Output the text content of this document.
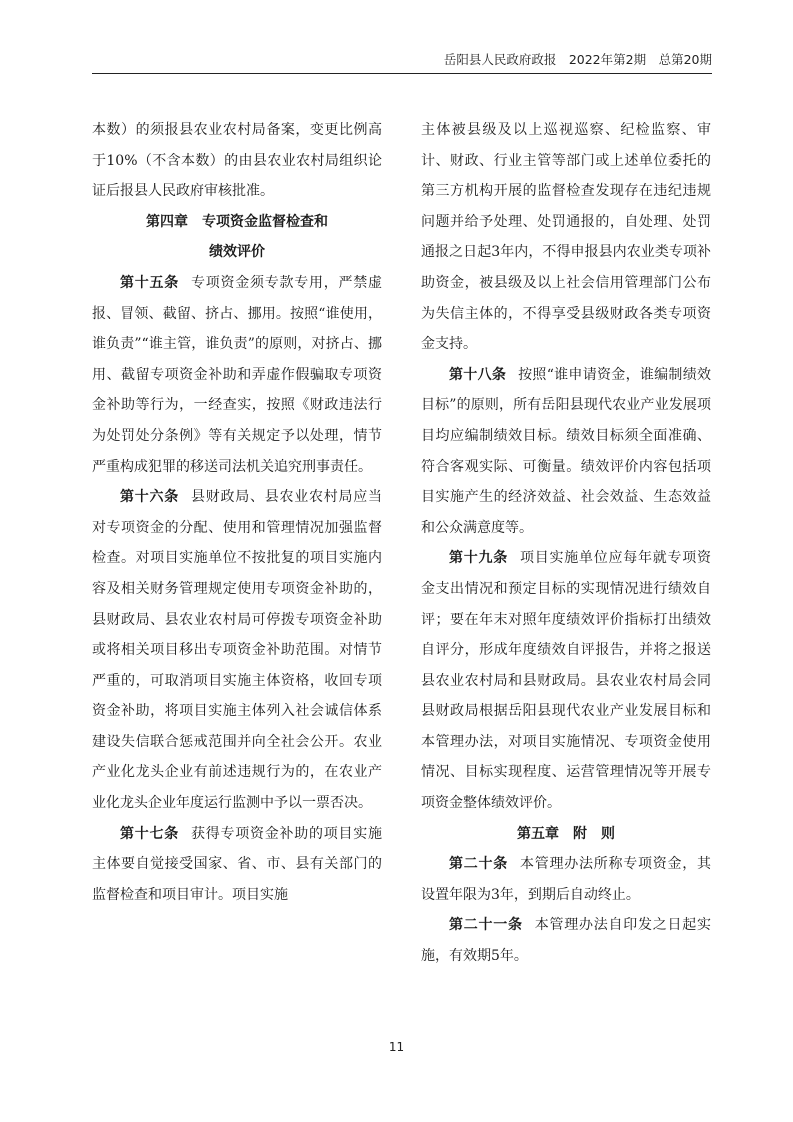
岳阳县人民政府政报　2022年第2期　总第20期

本数）的须报县农业农村局备案，变更比例高于10%（不含本数）的由县农业农村局组织论证后报县人民政府审核批准。

第四章　专项资金监督检查和

绩效评价

第十五条 专项资金须专款专用，严禁虚报、冒领、截留、挤占、挪用。按照“谁使用，谁负责”“谁主管，谁负责”的原则，对挤占、挪用、截留专项资金补助和弄虚作假骗取专项资金补助等行为，一经查实，按照《财政违法行为处罚处分条例》等有关规定予以处理，情节严重构成犯罪的移送司法机关追究刑事责任。

第十六条 县财政局、县农业农村局应当对专项资金的分配、使用和管理情况加强监督检查。对项目实施单位不按批复的项目实施内容及相关财务管理规定使用专项资金补助的，县财政局、县农业农村局可停拨专项资金补助或将相关项目移出专项资金补助范围。对情节严重的，可取消项目实施主体资格，收回专项资金补助，将项目实施主体列入社会诚信体系建设失信联合惩戒范围并向全社会公开。农业产业化龙头企业有前述违规行为的，在农业产业化龙头企业年度运行监测中予以一票否决。

第十七条 获得专项资金补助的项目实施主体要自觉接受国家、省、市、县有关部门的监督检查和项目审计。项目实施

主体被县级及以上巡视巡察、纪检监察、审计、财政、行业主管等部门或上述单位委托的第三方机构开展的监督检查发现存在违纪违规问题并给予处理、处罚通报的，自处理、处罚通报之日起3年内，不得申报县内农业类专项补助资金，被县级及以上社会信用管理部门公布为失信主体的，不得享受县级财政各类专项资金支持。

第十八条 按照“谁申请资金，谁编制绩效目标”的原则，所有岳阳县现代农业产业发展项目均应编制绩效目标。绩效目标须全面准确、符合客观实际、可衡量。绩效评价内容包括项目实施产生的经济效益、社会效益、生态效益和公众满意度等。

第十九条 项目实施单位应每年就专项资金支出情况和预定目标的实现情况进行绩效自评；要在年末对照年度绩效评价指标打出绩效自评分，形成年度绩效自评报告，并将之报送县农业农村局和县财政局。县农业农村局会同县财政局根据岳阳县现代农业产业发展目标和本管理办法，对项目实施情况、专项资金使用情况、目标实现程度、运营管理情况等开展专项资金整体绩效评价。

第五章　附　则

第二十条 本管理办法所称专项资金，其设置年限为3年，到期后自动终止。

第二十一条 本管理办法自印发之日起实施，有效期5年。

11
